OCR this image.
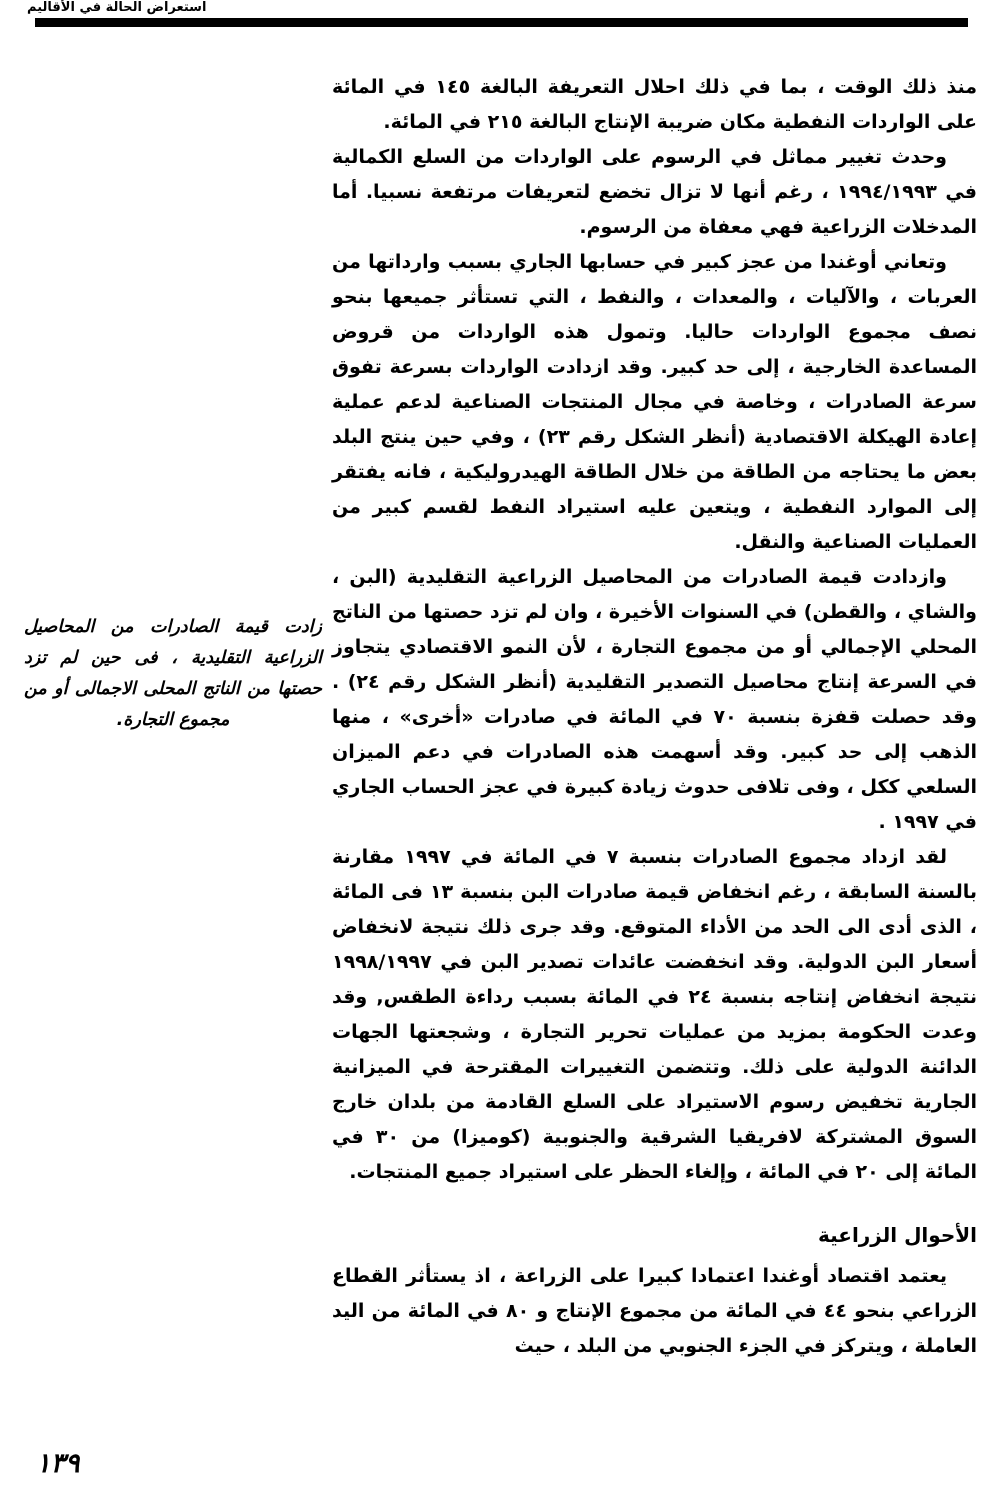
استعراض الحالة في الأقاليم
زادت قيمة الصادرات من المحاصيل الزراعية التقليدية ، فى حين لم تزد حصتها من الناتج المحلى الاجمالى أو من مجموع التجارة.

منذ ذلك الوقت ، بما في ذلك احلال التعريفة البالغة ١٤٥ في المائة على الواردات النفطية مكان ضريبة الإنتاج البالغة ٢١٥ في المائة.

وحدث تغيير مماثل في الرسوم على الواردات من السلع الكمالية في ١٩٩٤/١٩٩٣ ، رغم أنها لا تزال تخضع لتعريفات مرتفعة نسبيا. أما المدخلات الزراعية فهي معفاة من الرسوم.

وتعاني أوغندا من عجز كبير في حسابها الجاري بسبب وارداتها من العربات ، والآليات ، والمعدات ، والنفط ، التي تستأثر جميعها بنحو نصف مجموع الواردات حاليا. وتمول هذه الواردات من قروض المساعدة الخارجية ، إلى حد كبير. وقد ازدادت الواردات بسرعة تفوق سرعة الصادرات ، وخاصة في مجال المنتجات الصناعية لدعم عملية إعادة الهيكلة الاقتصادية (أنظر الشكل رقم ٢٣) ، وفي حين ينتج البلد بعض ما يحتاجه من الطاقة من خلال الطاقة الهيدروليكية ، فانه يفتقر إلى الموارد النفطية ، ويتعين عليه استيراد النفط لقسم كبير من العمليات الصناعية والنقل.

وازدادت قيمة الصادرات من المحاصيل الزراعية التقليدية (البن ، والشاي ، والقطن) في السنوات الأخيرة ، وان لم تزد حصتها من الناتج المحلي الإجمالي أو من مجموع التجارة ، لأن النمو الاقتصادي يتجاوز في السرعة إنتاج محاصيل التصدير التقليدية (أنظر الشكل رقم ٢٤) . وقد حصلت قفزة بنسبة ٧٠ في المائة في صادرات «أخرى» ، منها الذهب إلى حد كبير. وقد أسهمت هذه الصادرات في دعم الميزان السلعي ككل ، وفى تلافى حدوث زيادة كبيرة في عجز الحساب الجاري في ١٩٩٧ .

لقد ازداد مجموع الصادرات بنسبة ٧ في المائة في ١٩٩٧ مقارنة بالسنة السابقة ، رغم انخفاض قيمة صادرات البن بنسبة ١٣ فى المائة ، الذى أدى الى الحد من الأداء المتوقع. وقد جرى ذلك نتيجة لانخفاض أسعار البن الدولية. وقد انخفضت عائدات تصدير البن في ١٩٩٨/١٩٩٧ نتيجة انخفاض إنتاجه بنسبة ٢٤ في المائة بسبب رداءة الطقس, وقد وعدت الحكومة بمزيد من عمليات تحرير التجارة ، وشجعتها الجهات الدائنة الدولية على ذلك. وتتضمن التغييرات المقترحة في الميزانية الجارية تخفيض رسوم الاستيراد على السلع القادمة من بلدان خارج السوق المشتركة لافريقيا الشرقية والجنوبية (كوميزا) من ٣٠ في المائة إلى ٢٠ في المائة ، وإلغاء الحظر على استيراد جميع المنتجات.

الأحوال الزراعية

يعتمد اقتصاد أوغندا اعتمادا كبيرا على الزراعة ، اذ يستأثر القطاع الزراعي بنحو ٤٤ في المائة من مجموع الإنتاج و ٨٠ في المائة من اليد العاملة ، ويتركز في الجزء الجنوبي من البلد ، حيث

١٣٩
